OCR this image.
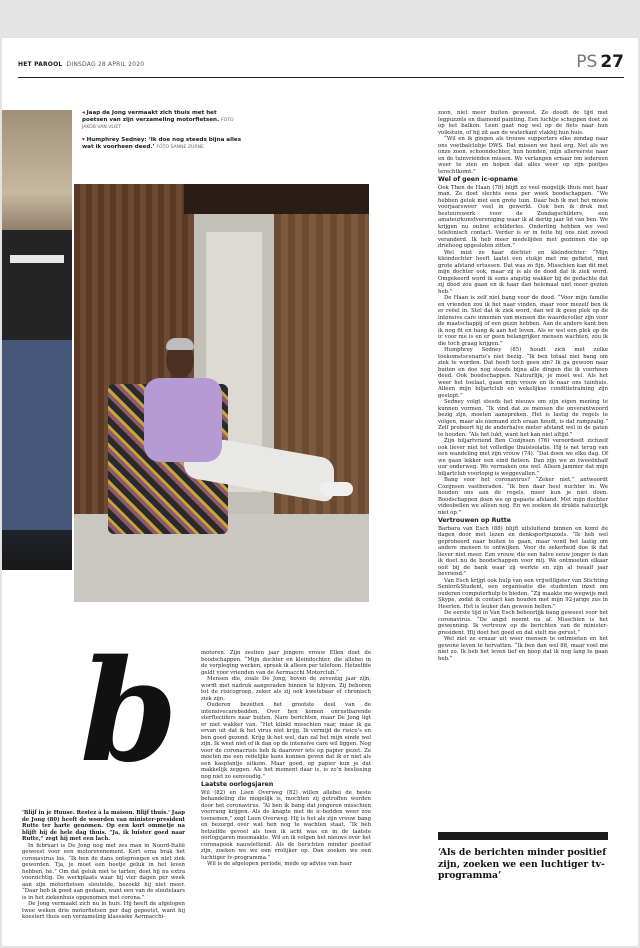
HET PAROOL DINSDAG 28 APRIL 2020	PS 27
◂ Jaap de Jong vermaakt zich thuis met het poetsen van zijn verzameling motorfietsen. FOTO JAKOB VAN VLIET
▾ Humphrey Sedney: ‘Ik doe nog steeds bijna alles wat ik voorheen deed.’ FOTO SANNE ZURNE

zoon, niet meer buiten geweest. Ze doodt de tijd met legpuzzels en diamond painting. Een luchtje scheppen doet ze op het balkon. Leen gaat nog wel op de fiets naar hun volkstuin, of hij zit aan de waterkant vlakbij hun huis.

“Wil en ik gingen als trouwe supporters elke zondag naar ons voetbalclubje DWS. Dat missen we heel erg. Net als we onze zoon, schoondochter, hun honden, mijn allereerste naar en de tuinvrienden missen. We verlangen ernaar om iedereen weer te zien en hopen dat alles weer op zijn pootjes terechtkomt.”

Wel of geen ic-opname

Ook Then de Haan (78) blijft zo veel mogelijk thuis met haar man. Ze doet slechts eens per week boodschappen. “We hebben geluk met een grote tuin. Daar heb ik met het mooie voorjaarsweer veel in gewerkt. Ook ben ik druk met bestuurswerk voor de Zondagschilders, een amateurkunstvereniging waar ik al dertig jaar lid van ben. We krijgen nu online schilderles. Onderling hebben we veel telefonisch contact. Verder is er in feite bij ons niet zoveel veranderd. Ik heb meer medelijden met gezinnen die op driehoog opgesloten zitten.”

Wel mist ze haar dochter en kleindochter. “Mijn kleindochter heeft laatst een stukje met me gefietst, met grote afstand ertussen. Dat was zo fijn. Misschien kan dit met mijn dochter ook, maar zij is als de dood dat ik ziek word. Omgekeerd word ik soms angstig wakker bij de gedachte dat zij dood zou gaan en ik haar dan helemaal niet meer gezien heb.”

De Haan is zelf niet bang voor de dood. “Voor mijn familie en vrienden zou ik het naar vinden, maar voor mezelf ben ik er reëel in. Stel dat ik ziek word, dan wil ik geen plek op de intensive care innemen van mensen die waardevoller zijn voor de maatschappij of een gezin hebben. Aan de andere kant ben ik nog fit en hang ik aan het leven. Als er wel een plek op de ic voor me is en er geen belangrijker mensen wachten, zou ik die toch graag krijgen.”

Humphrey Sedney (85) houdt zich met zulke toekomstscenario’s niet bezig. “Ik ben totaal niet bang om ziek te worden. Dat heeft toch geen zin? Ik ga gewoon naar buiten en doe nog steeds bijna alle dingen die ik voorheen deed. Ook boodschappen. Natuurlijk, je moet wel. Als het weer het toelaat, gaan mijn vrouw en ik naar ons tuinhuis. Alleen mijn biljartclub en wekelijkse conditietraining zijn gestopt.”

Sedney volgt steeds het nieuws om zijn eigen mening te kunnen vormen. “Ik vind dat ze mensen die onverantwoord bezig zijn, moeten aanspreken. Het is lastig de regels te volgen, maar als niemand zich eraan houdt, is dat rampzalig.” Zelf probeert hij de anderhalve meter afstand wel in de gaten te houden. “Als het lukt, want het kan niet altijd.”

Zijn biljartvriend Ben Cozijnsen (76) veroordeelt zichzelf ook liever niet tot volledige thuisisolatie. Hij is net terug van een wandeling met zijn vrouw (74). “Dat doen we elke dag. Of we gaan lekker een eind fietsen. Dan zijn we zo tweeënhalf uur onderweg. We vermaken ons wel. Alleen jammer dat mijn biljartclub voorlopig is weggevallen.”

Bang voor het coronavirus? “Zeker niet,” antwoordt Cozijnsen vastberaden. “Ik ben daar heel nuchter in. We houden ons aan de regels, meer kun je niet doen. Boodschappen doen we op gepaste afstand. Met mijn dochter videobellen we alleen nog. En we zoeken de drukte natuurlijk niet op.”

Vertrouwen op Rutte

Barbara van Esch (88) blijft uitsluitend binnen en komt de dagen door met lezen en denksportpuzzels. “Ik heb wel geprobeerd naar buiten te gaan, maar vond het lastig om andere mensen te ontwijken. Voor de zekerheid doe ik dat liever niet meer. Een vrouw, die een halve eeuw jonger is dan ik doet nu de boodschappen voor mij. We ontmoeten elkaar ooit bij de bank waar zij werkte en zijn al twaalf jaar bevriend.”

Van Esch krijgt ook hulp van een vrijwilligster van Stichting Senior&Student, een organisatie die studenten inzet om ouderen computerhulp te bieden. “Zij maakte me wegwijs met Skype, zodat ik contact kan houden met mijn 92-jarige zus in Heerlen. Het is leuker dan gewoon bellen.”

De eerste tijd in Van Esch behoorlijk bang geweest voor het coronavirus. “De angst neemt nu af. Misschien is het gewenning. Ik vertrouw op de berichten van de minister-president. Hij doet het goed en dat stelt me gerust.”

Wel ziet ze ernaar uit weer mensen te ontmoeten en het gewone leven te hervatten. “Ik ben dan wel 88, maar voel me niet zo. Ik heb het leven lief en hoop dat ik nog lang te gaan heb.”

b

‘Blijf in je Huuse. Restez à la maison. Blijf thuis.’ Jaap de Jong (80) heeft de woorden van minister-president Rutte ter harte genomen. Op een kort ommetje na blijft hij de hele dag thuis. “Ja, ik luister goed naar Rutte,” zegt hij met een lach.

In februari is De Jong nog met zes man in Noord-Italië geweest voor een motorevenement. Kort erna brak het coronavirus los. “Ik ben de dans ontsprongen en niet ziek geworden. Tja, je moet een beetje geluk in het leven hebben, hè.” Om dat geluk niet te tarten, doet hij nu extra voorzichtig. De werkplaats waar hij vier dagen per week aan zijn motorfietsen sleutelde, bezoekt hij niet meer. “Daar heb ik goed aan gedaan, want een van de sleutelaars is in het ziekenhuis opgenomen met corona.”

De Jong vermaakt zich nu in huis. Hij heeft de afgelopen twee weken drie motorfietsen per dag gepoetst, want hij koestert thuis een verzameling klassieke Aermacchi-

motoren. Zijn zestien jaar jongere vrouw Ellen doet de boodschappen. “Mijn dochter en kleindochter, die allebei in de verpleging werken, spreek ik alleen per telefoon. Hetzelfde geldt voor vrienden van de Aermacchi Motorclub.”

Mensen die, zoals De Jong, boven de zeventig jaar zijn, wordt met nadruk aangeraden binnen te blijven. Zij behoren tot de risicogroep, zeker als zij ook kwetsbaar of chronisch ziek zijn.

Ouderen bezetten het grootste deel van de intensivecarebedden. Over hen komen onrustbarende sterfteciifers naar buiten. Nare berichten, maar De Jong ligt er niet wakker van. “Het klinkt misschien raar, maar ik ga ervan uit dat ik het virus niet krijg. Ik vermijd de risico’s en ben goed gezond. Krijg ik het wel, dan zal het mijn einde wel zijn. Ik weet niet of ik dan op de intensive care wil liggen. Nog voor de coronacrisis heb ik daarover iets op papier gezet. Ze moeten me een redelijke kans kunnen geven dat ik er niet als een kasplantje uitkom. Maar goed, op papier kun je dat makkelijk zeggen. Als het moment daar is, is zo’n beslissing nog niet zo eenvoudig.”

Laatste oorlogsjaren

Wil (82) en Leen Overweg (82) willen allebei de beste behandeling die mogelijk is, mochten zij getroffen worden door het coronavirus. “Al ben ik bang dat jongeren misschien voorrang krijgen. Als de knapte met de ic-bedden weer zou toenemen,” zegt Leen Overweg. Hij is het als zijn vrouw bang en bezorgd over wat hen nog te wachten staat. “Ik heb hetzelfde gevoel als toen ik acht was en in de laatste oorlogsjaren meemaakte. Wil en ik volgen het nieuws over het coronapook nauwlettend. Als de berichten minder positief zijn, zoeken we we een vrolijker op. Dan zoeken we een luchtiger tv-programma.”

Wil is de afgelopen periode, mede op advies van haar

‘Als de berichten minder positief zijn, zoeken we een luchtiger tv-programma’
